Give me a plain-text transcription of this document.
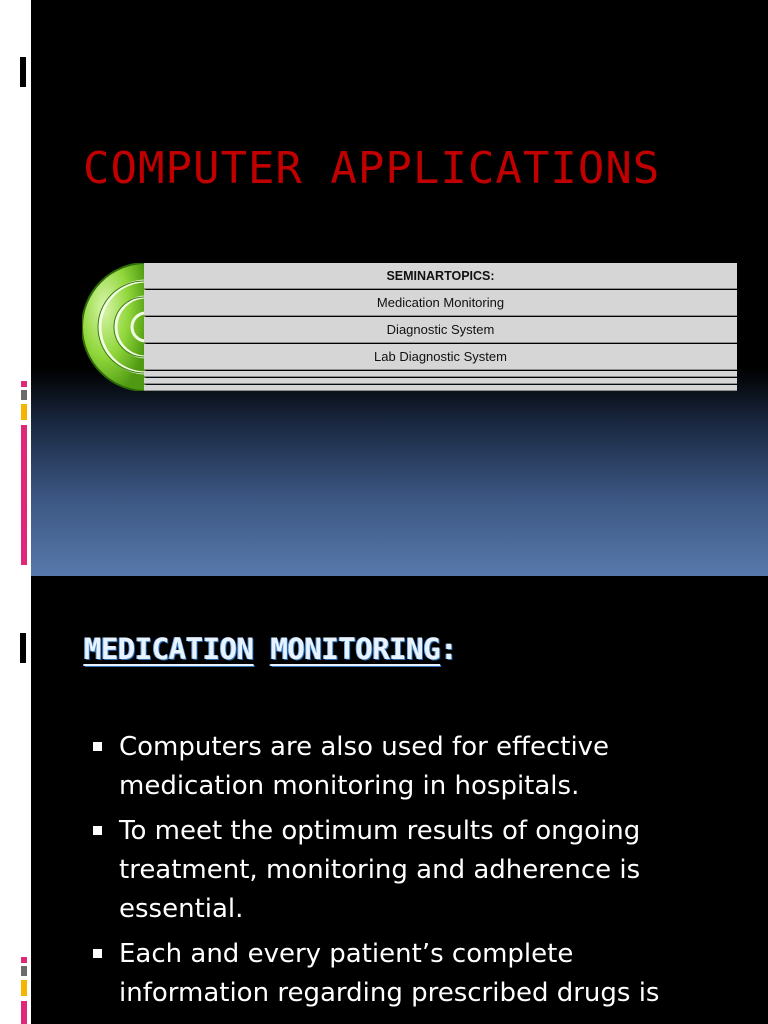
COMPUTER APPLICATIONS
SEMINARTOPICS:
Medication Monitoring
Diagnostic System
Lab Diagnostic System
MEDICATION MONITORING:
Computers are also used for effective medication monitoring in hospitals.
To meet the optimum results of ongoing treatment, monitoring and adherence is essential.
Each and every patient’s complete information regarding prescribed drugs is
